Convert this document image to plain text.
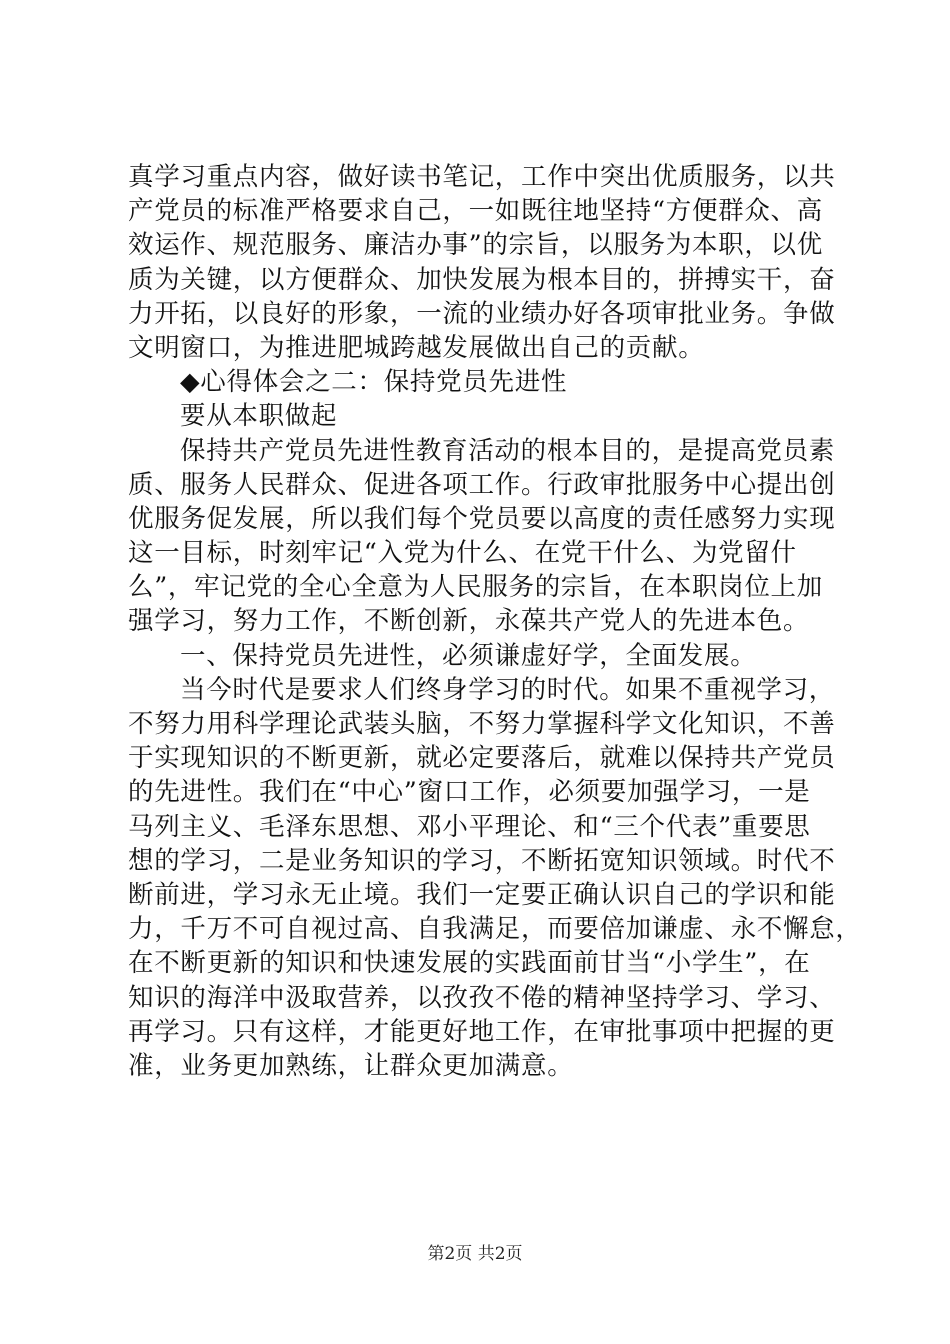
真学习重点内容，做好读书笔记，工作中突出优质服务，以共
产党员的标准严格要求自己，一如既往地坚持“方便群众、高
效运作、规范服务、廉洁办事”的宗旨，以服务为本职，以优
质为关键，以方便群众、加快发展为根本目的，拼搏实干，奋
力开拓，以良好的形象，一流的业绩办好各项审批业务。争做
文明窗口，为推进肥城跨越发展做出自己的贡献。
◆心得体会之二：保持党员先进性
要从本职做起
保持共产党员先进性教育活动的根本目的，是提高党员素
质、服务人民群众、促进各项工作。行政审批服务中心提出创
优服务促发展，所以我们每个党员要以高度的责任感努力实现
这一目标，时刻牢记“入党为什么、在党干什么、为党留什
么”，牢记党的全心全意为人民服务的宗旨，在本职岗位上加
强学习，努力工作，不断创新，永葆共产党人的先进本色。
一、保持党员先进性，必须谦虚好学，全面发展。
当今时代是要求人们终身学习的时代。如果不重视学习，
不努力用科学理论武装头脑，不努力掌握科学文化知识，不善
于实现知识的不断更新，就必定要落后，就难以保持共产党员
的先进性。我们在“中心”窗口工作，必须要加强学习，一是
马列主义、毛泽东思想、邓小平理论、和“三个代表”重要思
想的学习，二是业务知识的学习，不断拓宽知识领域。时代不
断前进，学习永无止境。我们一定要正确认识自己的学识和能
力，千万不可自视过高、自我满足，而要倍加谦虚、永不懈怠，
在不断更新的知识和快速发展的实践面前甘当“小学生”，在
知识的海洋中汲取营养，以孜孜不倦的精神坚持学习、学习、
再学习。只有这样，才能更好地工作，在审批事项中把握的更
准，业务更加熟练，让群众更加满意。
第2页 共2页
